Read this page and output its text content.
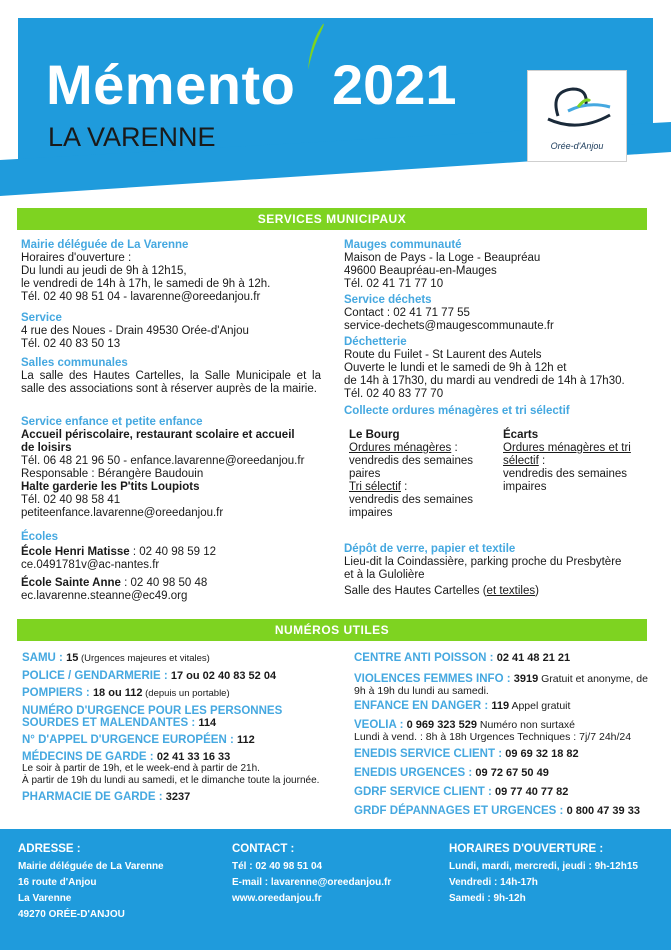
Mémento 2021
LA VARENNE	Orée-d'Anjou
SERVICES MUNICIPAUX
Mairie déléguée de La Varenne
Horaires d'ouverture :
Du lundi au jeudi de 9h à 12h15,
le vendredi de 14h à 17h, le samedi de 9h à 12h.
Tél. 02 40 98 51 04 - lavarenne@oreedanjou.fr
Service
4 rue des Noues - Drain 49530 Orée-d'Anjou
Tél. 02 40 83 50 13
Salles communales
La salle des Hautes Cartelles, la Salle Municipale et la salle des associations sont à réserver auprès de la mairie.
Service enfance et petite enfance
Accueil périscolaire, restaurant scolaire et accueil
de loisirs
Tél. 06 48 21 96 50 - enfance.lavarenne@oreedanjou.fr
Responsable : Bérangère Baudouin
Halte garderie les P'tits Loupiots
Tél. 02 40 98 58 41
petiteenfance.lavarenne@oreedanjou.fr
Écoles
École Henri Matisse : 02 40 98 59 12
ce.0491781v@ac-nantes.fr
École Sainte Anne : 02 40 98 50 48
ec.lavarenne.steanne@ec49.org
Mauges communauté
Maison de Pays - la Loge - Beaupréau
49600 Beaupréau-en-Mauges
Tél. 02 41 71 77 10
Service déchets
Contact : 02 41 71 77 55
service-dechets@maugescommunaute.fr
Déchetterie
Route du Fuilet - St Laurent des Autels
Ouverte le lundi et le samedi de 9h à 12h et
de 14h à 17h30, du mardi au vendredi de 14h à 17h30.
Tél. 02 40 83 77 70
Collecte ordures ménagères et tri sélectif
Le Bourg
Ordures ménagères :
vendredis des semaines paires
Tri sélectif :
vendredis des semaines impaires
Écarts
Ordures ménagères et tri sélectif :
vendredis des semaines impaires
Dépôt de verre, papier et textile
Lieu-dit la Coindassière, parking proche du Presbytère
et à la Gulolière
Salle des Hautes Cartelles (et textiles)
NUMÉROS UTILES
SAMU : 15 (Urgences majeures et vitales)
POLICE / GENDARMERIE : 17 ou 02 40 83 52 04
POMPIERS : 18 ou 112 (depuis un portable)
NUMÉRO D'URGENCE POUR LES PERSONNES SOURDES ET MALENDANTES : 114
N° D'APPEL D'URGENCE EUROPÉEN : 112
MÉDECINS DE GARDE : 02 41 33 16 33
Le soir à partir de 19h, et le week-end à partir de 21h.
À partir de 19h du lundi au samedi, et le dimanche toute la journée.
PHARMACIE DE GARDE : 3237
CENTRE ANTI POISSON : 02 41 48 21 21
VIOLENCES FEMMES INFO : 3919 Gratuit et anonyme, de 9h à 19h du lundi au samedi.
ENFANCE EN DANGER : 119 Appel gratuit
VEOLIA : 0 969 323 529 Numéro non surtaxé
Lundi à vend. : 8h à 18h Urgences Techniques : 7j/7 24h/24
ENEDIS SERVICE CLIENT : 09 69 32 18 82
ENEDIS URGENCES : 09 72 67 50 49
GDRF SERVICE CLIENT : 09 77 40 77 82
GRDF DÉPANNAGES ET URGENCES : 0 800 47 39 33
ADRESSE :
Mairie déléguée de La Varenne
16 route d'Anjou
La Varenne
49270 ORÉE-D'ANJOU
CONTACT :
Tél : 02 40 98 51 04
E-mail : lavarenne@oreedanjou.fr
www.oreedanjou.fr
HORAIRES D'OUVERTURE :
Lundi, mardi, mercredi, jeudi : 9h-12h15
Vendredi : 14h-17h
Samedi : 9h-12h
